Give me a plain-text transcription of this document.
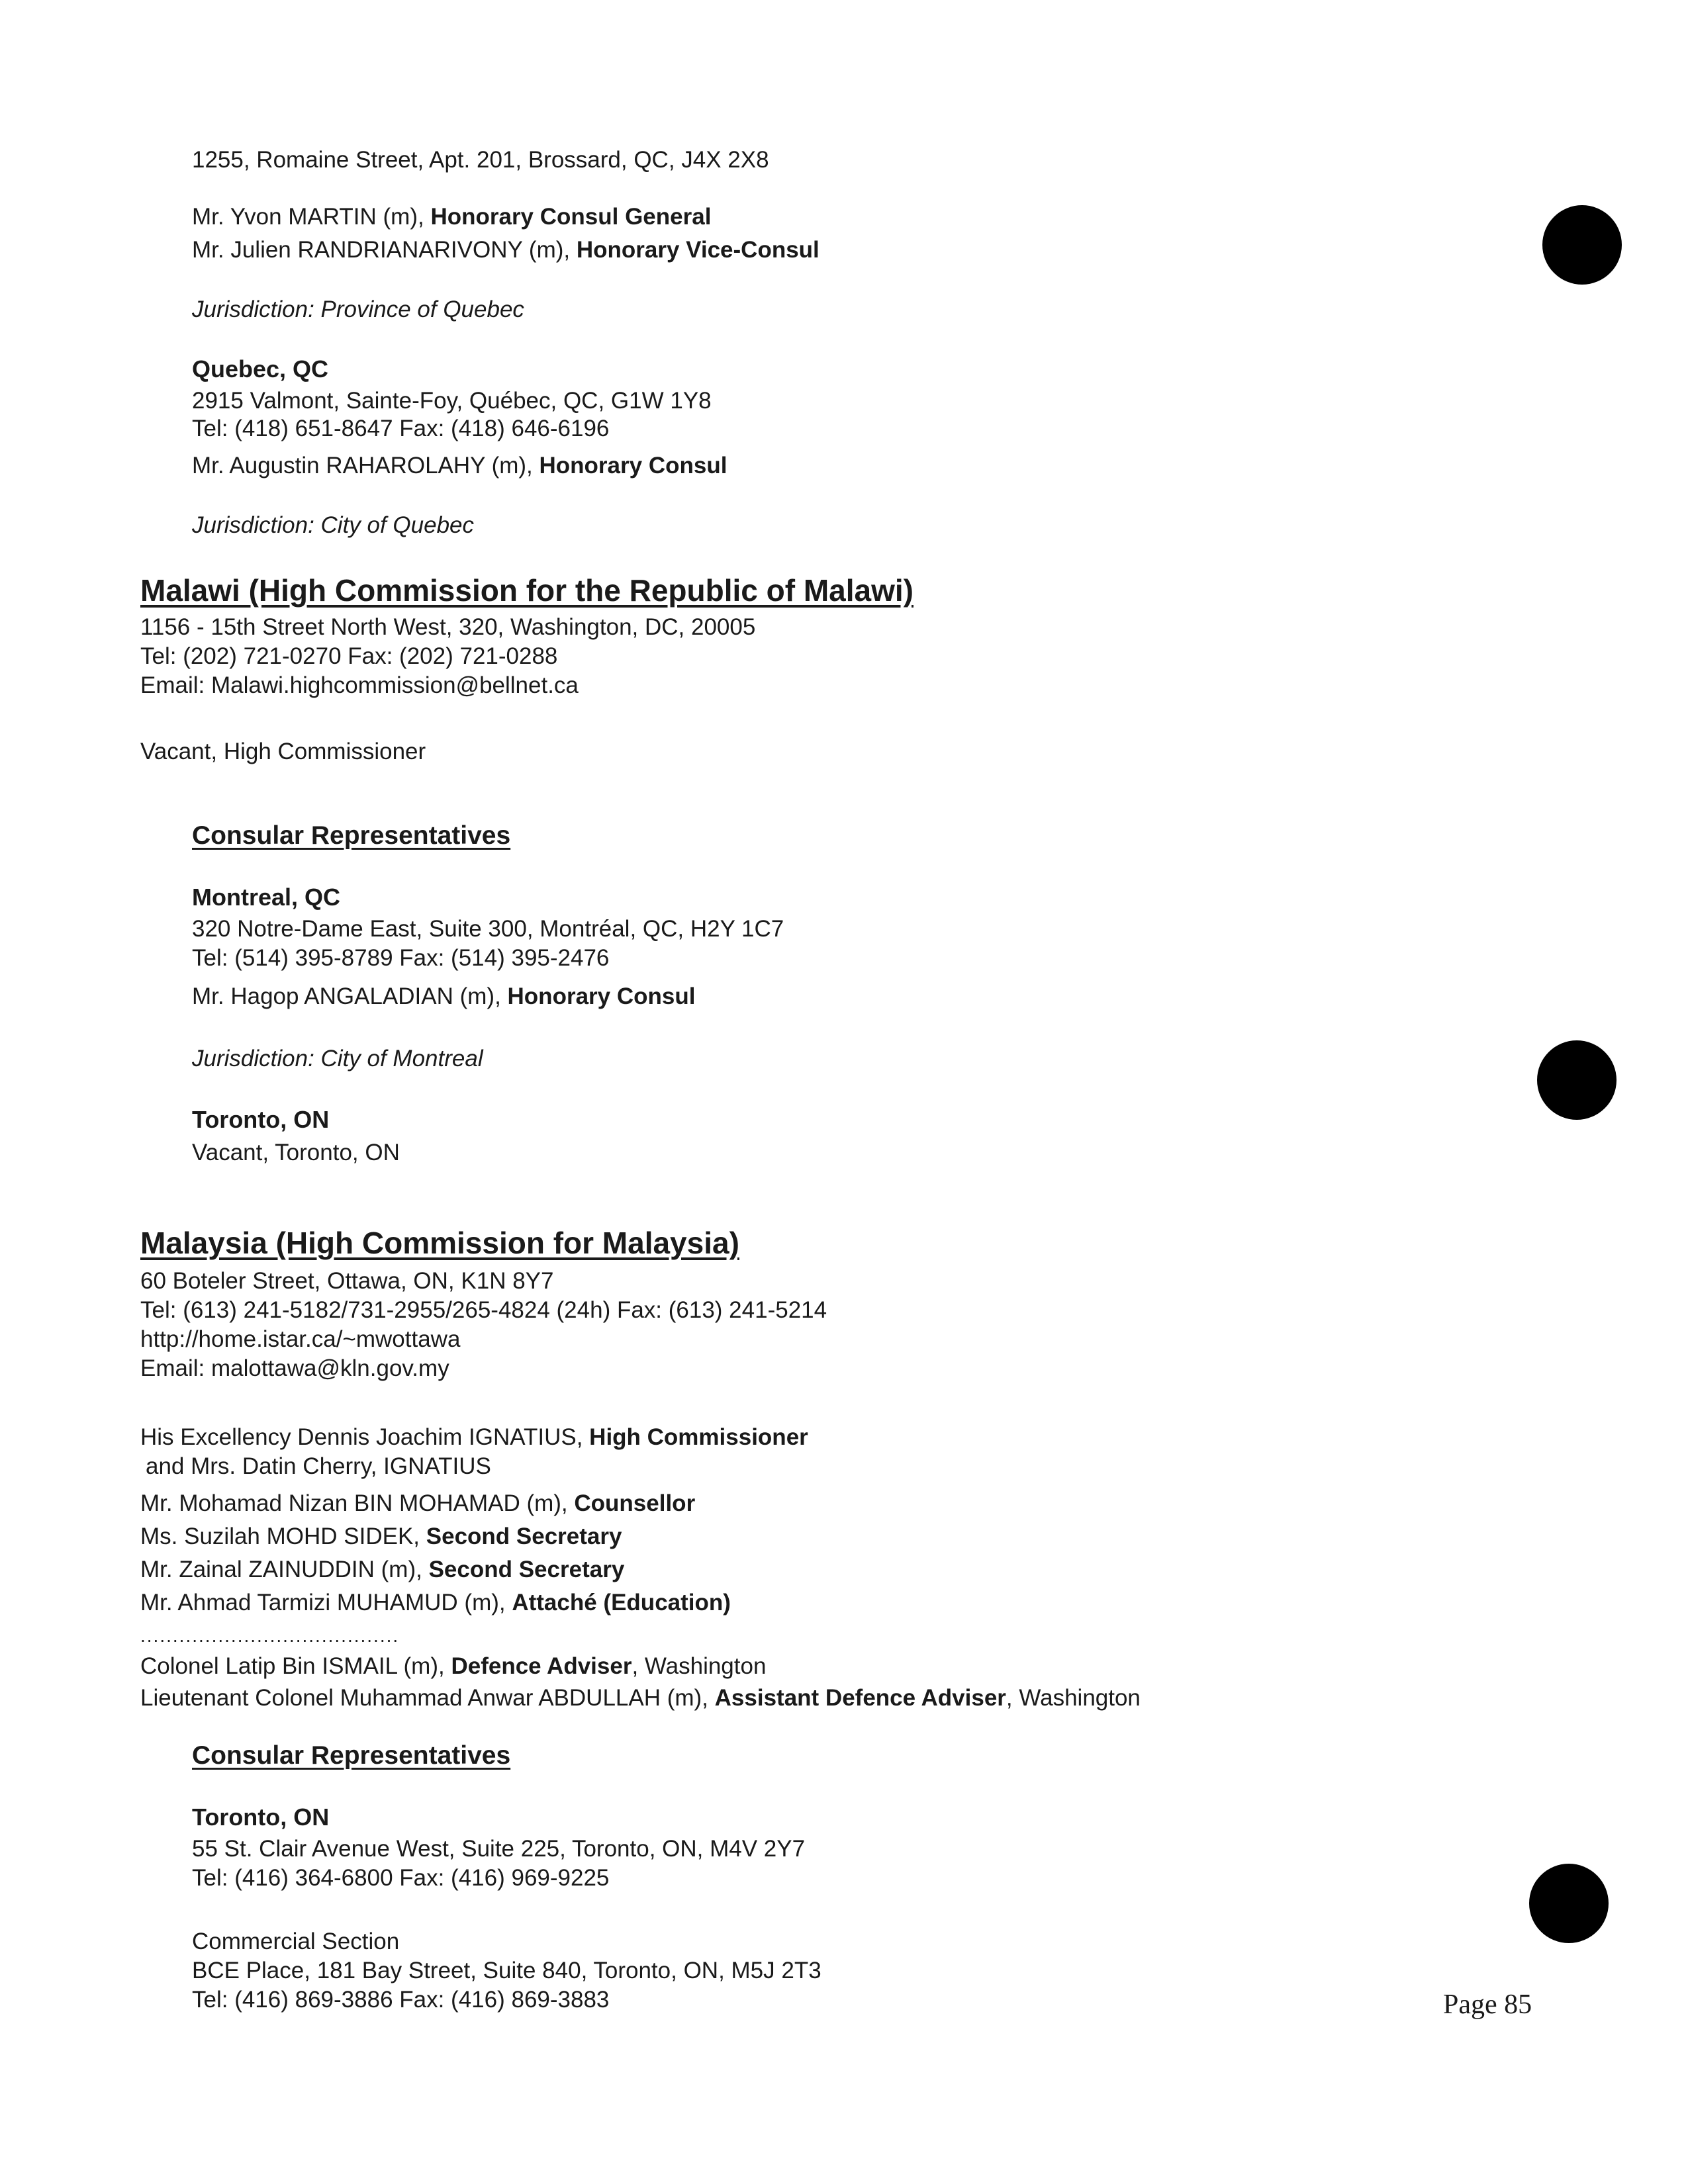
1255, Romaine Street, Apt. 201, Brossard, QC, J4X 2X8
Mr. Yvon MARTIN (m), Honorary Consul General
Mr. Julien RANDRIANARIVONY (m), Honorary Vice-Consul
Jurisdiction: Province of Quebec
Quebec, QC
2915 Valmont, Sainte-Foy, Québec, QC, G1W 1Y8
Tel: (418) 651-8647 Fax: (418) 646-6196
Mr. Augustin RAHAROLAHY (m), Honorary Consul
Jurisdiction: City of Quebec
Malawi (High Commission for the Republic of Malawi)
1156 - 15th Street North West, 320, Washington, DC, 20005
Tel: (202) 721-0270 Fax: (202) 721-0288
Email: Malawi.highcommission@bellnet.ca
Vacant, High Commissioner
Consular Representatives
Montreal, QC
320 Notre-Dame East, Suite 300, Montréal, QC, H2Y 1C7
Tel: (514) 395-8789 Fax: (514) 395-2476
Mr. Hagop ANGALADIAN (m), Honorary Consul
Jurisdiction: City of Montreal
Toronto, ON
Vacant, Toronto, ON
Malaysia (High Commission for Malaysia)
60 Boteler Street, Ottawa, ON, K1N 8Y7
Tel: (613) 241-5182/731-2955/265-4824 (24h) Fax: (613) 241-5214
http://home.istar.ca/~mwottawa
Email: malottawa@kln.gov.my
His Excellency Dennis Joachim IGNATIUS, High Commissioner
and Mrs. Datin Cherry, IGNATIUS
Mr. Mohamad Nizan BIN MOHAMAD (m), Counsellor
Ms. Suzilah MOHD SIDEK, Second Secretary
Mr. Zainal ZAINUDDIN (m), Second Secretary
Mr. Ahmad Tarmizi MUHAMUD (m), Attaché (Education)
........................................
Colonel Latip Bin ISMAIL (m), Defence Adviser, Washington
Lieutenant Colonel Muhammad Anwar ABDULLAH (m), Assistant Defence Adviser, Washington
Consular Representatives
Toronto, ON
55 St. Clair Avenue West, Suite 225, Toronto, ON, M4V 2Y7
Tel: (416) 364-6800 Fax: (416) 969-9225
Commercial Section
BCE Place, 181 Bay Street, Suite 840, Toronto, ON, M5J 2T3
Tel: (416) 869-3886 Fax: (416) 869-3883	Page 85
